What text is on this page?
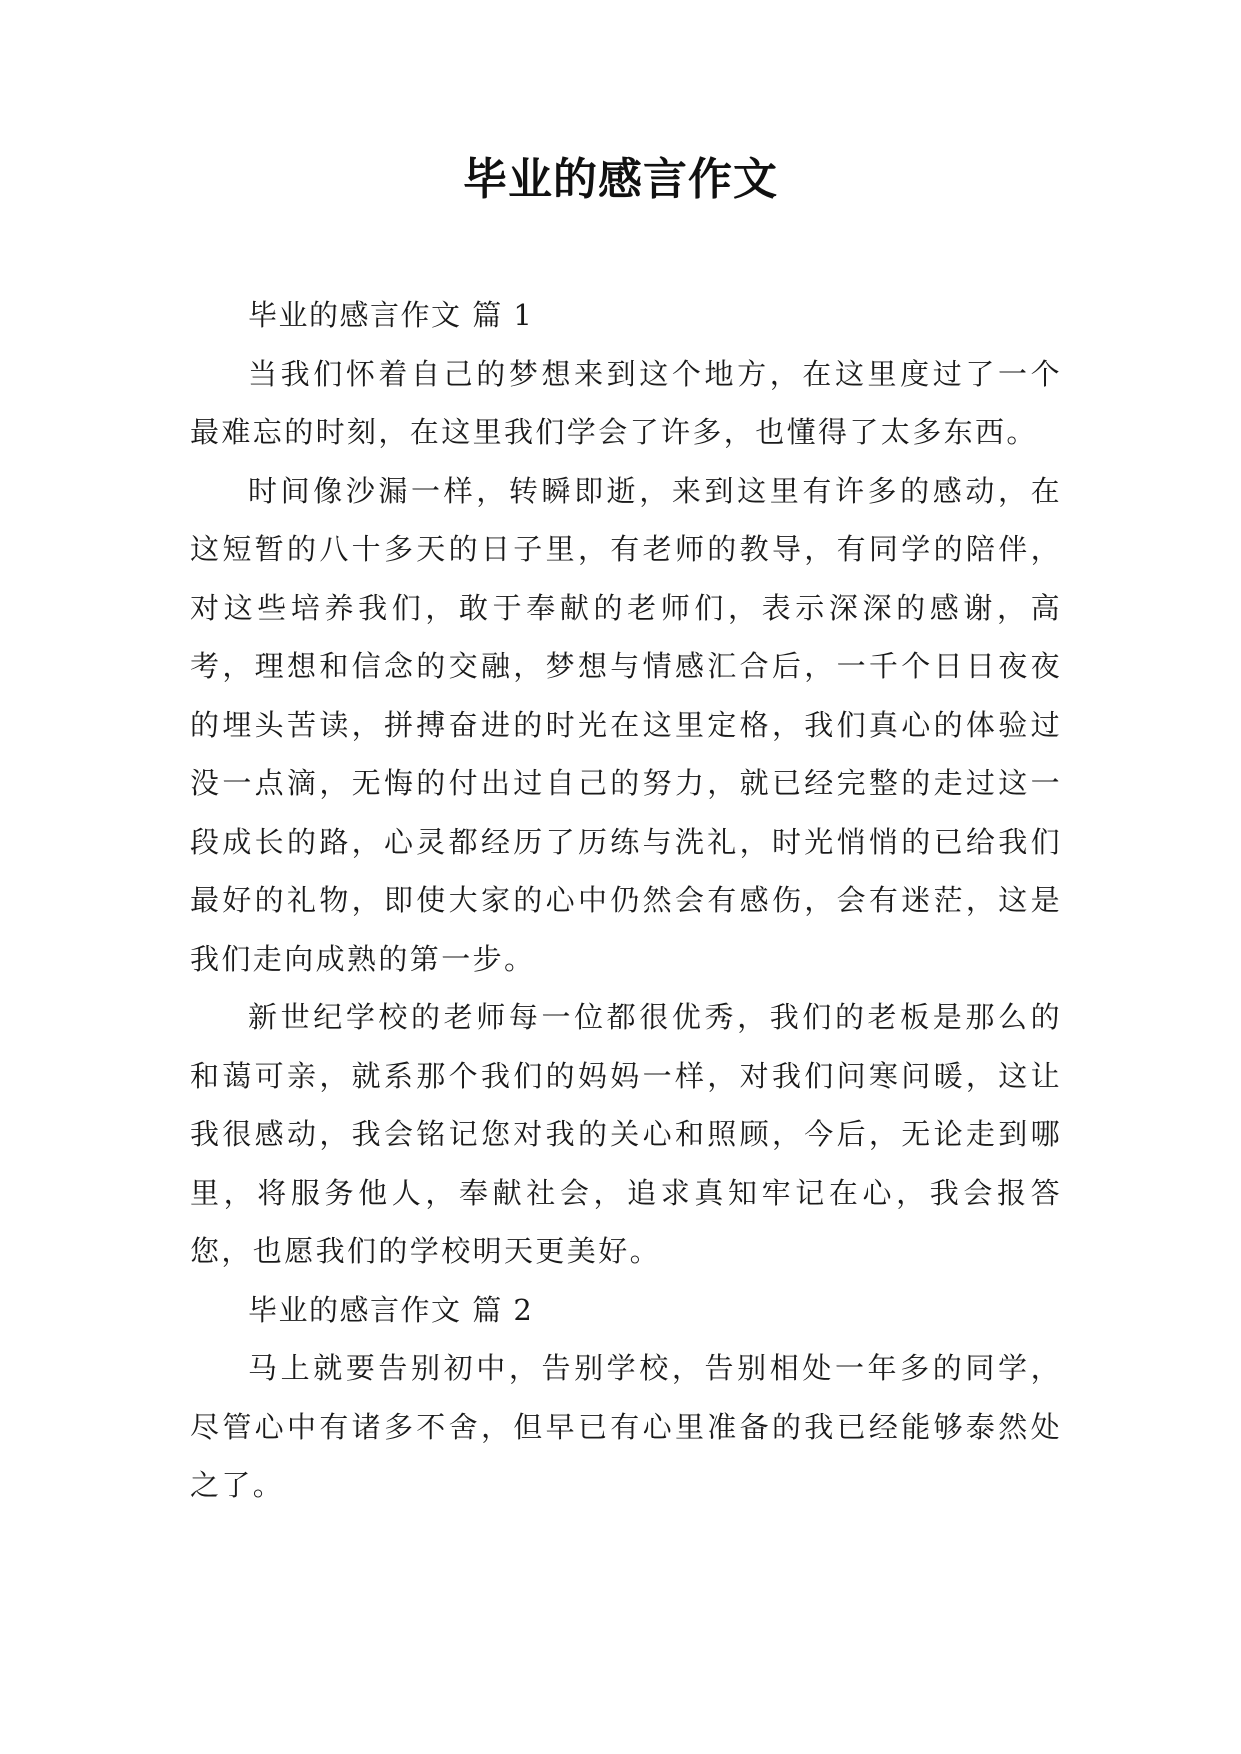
毕业的感言作文

毕业的感言作文 篇 1

当我们怀着自己的梦想来到这个地方，在这里度过了一个最难忘的时刻，在这里我们学会了许多，也懂得了太多东西。

时间像沙漏一样，转瞬即逝，来到这里有许多的感动，在这短暂的八十多天的日子里，有老师的教导，有同学的陪伴，对这些培养我们，敢于奉献的老师们，表示深深的感谢，高考，理想和信念的交融，梦想与情感汇合后，一千个日日夜夜的埋头苦读，拼搏奋进的时光在这里定格，我们真心的体验过没一点滴，无悔的付出过自己的努力，就已经完整的走过这一段成长的路，心灵都经历了历练与洗礼，时光悄悄的已给我们最好的礼物，即使大家的心中仍然会有感伤，会有迷茫，这是我们走向成熟的第一步。

新世纪学校的老师每一位都很优秀，我们的老板是那么的和蔼可亲，就系那个我们的妈妈一样，对我们问寒问暖，这让我很感动，我会铭记您对我的关心和照顾，今后，无论走到哪里，将服务他人，奉献社会，追求真知牢记在心，我会报答您，也愿我们的学校明天更美好。

毕业的感言作文 篇 2

马上就要告别初中，告别学校，告别相处一年多的同学，尽管心中有诸多不舍，但早已有心里准备的我已经能够泰然处之了。
